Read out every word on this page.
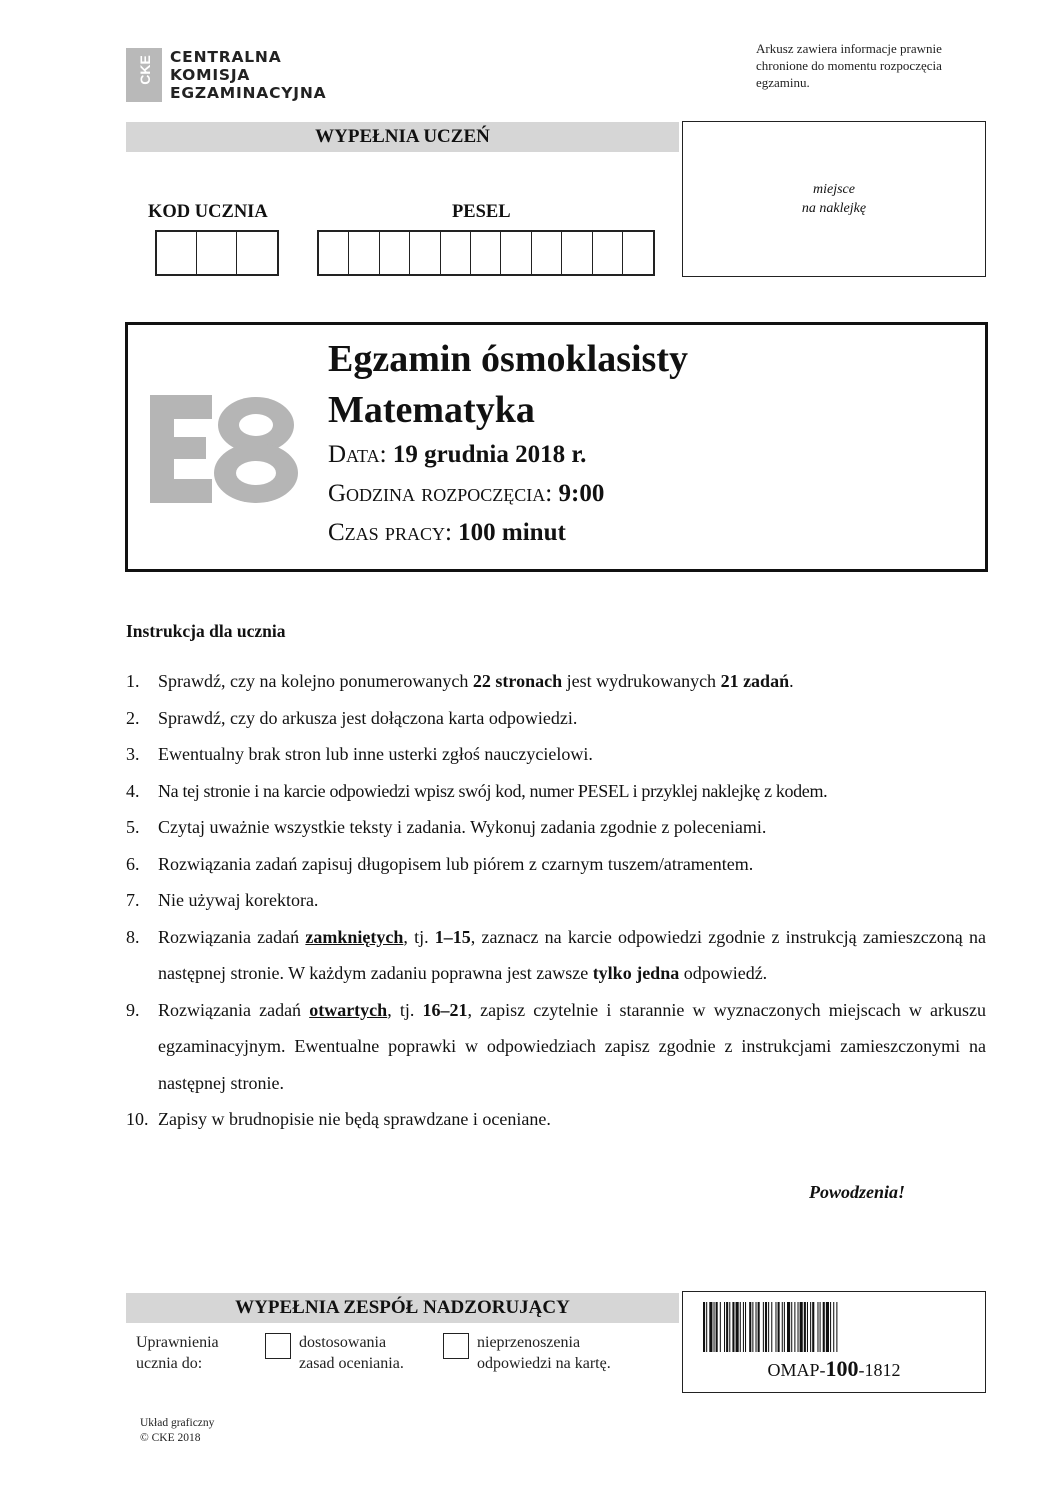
CKE CENTRALNA
KOMISJA
EGZAMINACYJNA
Arkusz zawiera informacje prawnie chronione do momentu rozpoczęcia egzaminu.
WYPEŁNIA UCZEŃ
KOD UCZNIA	PESEL
miejsce
na naklejkę
Egzamin ósmoklasisty
Matematyka
Data: 19 grudnia 2018 r.
Godzina rozpoczęcia: 9:00
Czas pracy: 100 minut
Instrukcja dla ucznia
1.	Sprawdź, czy na kolejno ponumerowanych 22 stronach jest wydrukowanych 21 zadań.
2.	Sprawdź, czy do arkusza jest dołączona karta odpowiedzi.
3.	Ewentualny brak stron lub inne usterki zgłoś nauczycielowi.
4.	Na tej stronie i na karcie odpowiedzi wpisz swój kod, numer PESEL i przyklej naklejkę z kodem.
5.	Czytaj uważnie wszystkie teksty i zadania. Wykonuj zadania zgodnie z poleceniami.
6.	Rozwiązania zadań zapisuj długopisem lub piórem z czarnym tuszem/atramentem.
7.	Nie używaj korektora.
8.	Rozwiązania zadań zamkniętych, tj. 1–15, zaznacz na karcie odpowiedzi zgodnie z instrukcją zamieszczoną na następnej stronie. W każdym zadaniu poprawna jest zawsze tylko jedna odpowiedź.
9.	Rozwiązania zadań otwartych, tj. 16–21, zapisz czytelnie i starannie w wyznaczonych miejscach w arkuszu egzaminacyjnym. Ewentualne poprawki w odpowiedziach zapisz zgodnie z instrukcjami zamieszczonymi na następnej stronie.
10. Zapisy w brudnopisie nie będą sprawdzane i oceniane.
Powodzenia!
WYPEŁNIA ZESPÓŁ NADZORUJĄCY
Uprawnienia
ucznia do:
dostosowania
zasad oceniania.
nieprzenoszenia
odpowiedzi na kartę.	OMAP-100-1812
Układ graficzny
© CKE 2018
